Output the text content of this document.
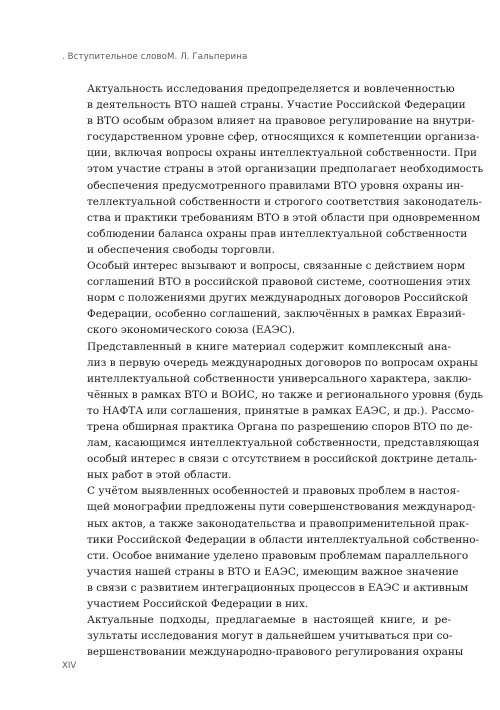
. Вступительное словоМ. Л. Гальперина
Актуальность исследования предопределяется и вовлеченностью
в деятельность ВТО нашей страны. Участие Российской Федерации
в ВТО особым образом влияет на правовое регулирование на внутри-
государственном уровне сфер, относящихся к компетенции организа-
ции, включая вопросы охраны интеллектуальной собственности. При
этом участие страны в этой организации предполагает необходимость
обеспечения предусмотренного правилами ВТО уровня охраны ин-
теллектуальной собственности и строгого соответствия законодатель-
ства и практики требованиям ВТО в этой области при одновременном
соблюдении баланса охраны прав интеллектуальной собственности
и обеспечения свободы торговли.
Особый интерес вызывают и вопросы, связанные с действием норм
соглашений ВТО в российской правовой системе, соотношения этих
норм с положениями других международных договоров Российской
Федерации, особенно соглашений, заключённых в рамках Евразий-
ского экономического союза (ЕАЭС).
Представленный в книге материал содержит комплексный ана-
лиз в первую очередь международных договоров по вопросам охраны
интеллектуальной собственности универсального характера, заклю-
чённых в рамках ВТО и ВОИС, но также и регионального уровня (будь
то НАФТА или соглашения, принятые в рамках ЕАЭС, и др.). Рассмо-
трена обширная практика Органа по разрешению споров ВТО по де-
лам, касающимся интеллектуальной собственности, представляющая
особый интерес в связи с отсутствием в российской доктрине деталь-
ных работ в этой области.
С учётом выявленных особенностей и правовых проблем в настоя-
щей монографии предложены пути совершенствования международ-
ных актов, а также законодательства и правоприменительной прак-
тики Российской Федерации в области интеллектуальной собственно-
сти. Особое внимание уделено правовым проблемам параллельного
участия нашей страны в ВТО и ЕАЭС, имеющим важное значение
в связи с развитием интеграционных процессов в ЕАЭС и активным
участием Российской Федерации в них.
Актуальные подходы, предлагаемые в настоящей книге, и ре-
зультаты исследования могут в дальнейшем учитываться при со-
вершенствовании международно-правового регулирования охраны
XIV
